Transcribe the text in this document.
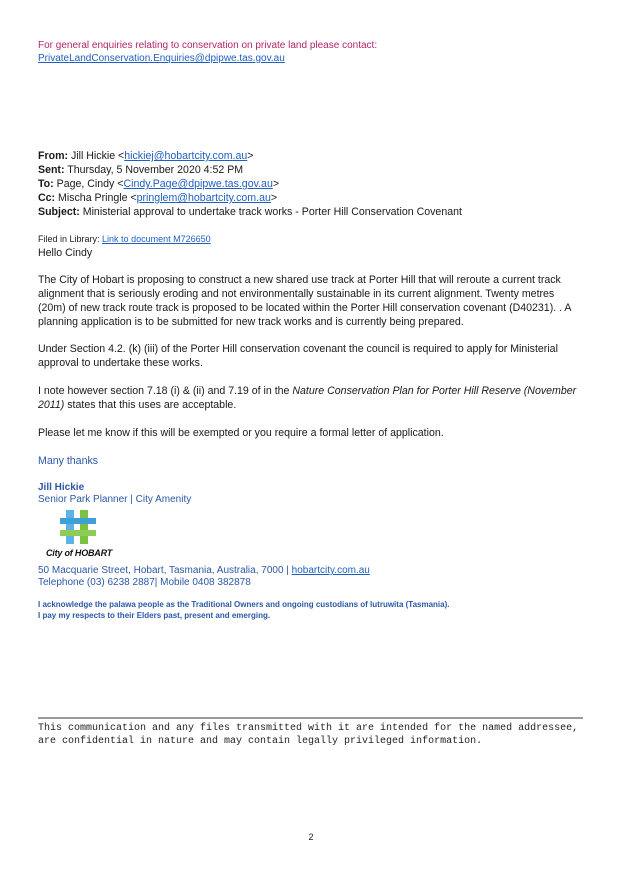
For general enquiries relating to conservation on private land please contact:
PrivateLandConservation.Enquiries@dpipwe.tas.gov.au
From: Jill Hickie <hickiej@hobartcity.com.au>
Sent: Thursday, 5 November 2020 4:52 PM
To: Page, Cindy <Cindy.Page@dpipwe.tas.gov.au>
Cc: Mischa Pringle <pringlem@hobartcity.com.au>
Subject: Ministerial approval to undertake track works - Porter Hill Conservation Covenant
Filed in Library: Link to document M726650
Hello Cindy
The City of Hobart is proposing to construct a new shared use track at Porter Hill that will reroute a current track alignment that is seriously eroding and not environmentally sustainable in its current alignment. Twenty metres (20m) of new track route track is proposed to be located within the Porter Hill conservation covenant (D40231). . A planning application is to be submitted for new track works and is currently being prepared.
Under Section 4.2. (k) (iii) of the Porter Hill conservation covenant the council is required to apply for Ministerial approval to undertake these works.
I note however section 7.18 (i) & (ii) and 7.19 of in the Nature Conservation Plan for Porter Hill Reserve (November 2011) states that this uses are acceptable.
Please let me know if this will be exempted or you require a formal letter of application.
Many thanks
Jill Hickie
Senior Park Planner | City Amenity
City of HOBART
50 Macquarie Street, Hobart, Tasmania, Australia, 7000 | hobartcity.com.au
Telephone (03) 6238 2887| Mobile 0408 382878
I acknowledge the palawa people as the Traditional Owners and ongoing custodians of lutruwita (Tasmania).
I pay my respects to their Elders past, present and emerging.
This communication and any files transmitted with it are intended for the named addressee, are confidential in nature and may contain legally privileged information.
2
